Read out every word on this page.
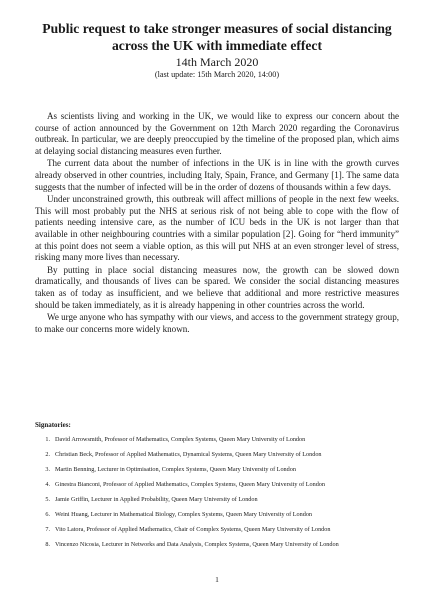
Public request to take stronger measures of social distancing across the UK with immediate effect
14th March 2020
(last update: 15th March 2020, 14:00)

As scientists living and working in the UK, we would like to express our concern about the course of action announced by the Government on 12th March 2020 regarding the Coronavirus outbreak. In particular, we are deeply preoccupied by the timeline of the proposed plan, which aims at delaying social distancing measures even further.

The current data about the number of infections in the UK is in line with the growth curves already observed in other countries, including Italy, Spain, France, and Germany [1]. The same data suggests that the number of infected will be in the order of dozens of thousands within a few days.

Under unconstrained growth, this outbreak will affect millions of people in the next few weeks. This will most probably put the NHS at serious risk of not being able to cope with the flow of patients needing intensive care, as the number of ICU beds in the UK is not larger than that available in other neighbouring countries with a similar population [2]. Going for “herd immunity” at this point does not seem a viable option, as this will put NHS at an even stronger level of stress, risking many more lives than necessary.

By putting in place social distancing measures now, the growth can be slowed down dramatically, and thousands of lives can be spared. We consider the social distancing measures taken as of today as insufficient, and we believe that additional and more restrictive measures should be taken immediately, as it is already happening in other countries across the world.

We urge anyone who has sympathy with our views, and access to the government strategy group, to make our concerns more widely known.

Signatories:
1. David Arrowsmith, Professor of Mathematics, Complex Systems, Queen Mary University of London
2. Christian Beck, Professor of Applied Mathematics, Dynamical Systems, Queen Mary University of London
3. Martin Benning, Lecturer in Optimisation, Complex Systems, Queen Mary University of London
4. Ginestra Bianconi, Professor of Applied Mathematics, Complex Systems, Queen Mary University of London
5. Jamie Griffin, Lecturer in Applied Probability, Queen Mary University of London
6. Weini Huang, Lecturer in Mathematical Biology, Complex Systems, Queen Mary University of London
7. Vito Latora, Professor of Applied Mathematics, Chair of Complex Systems, Queen Mary University of London
8. Vincenzo Nicosia, Lecturer in Networks and Data Analysis, Complex Systems, Queen Mary University of London
1
